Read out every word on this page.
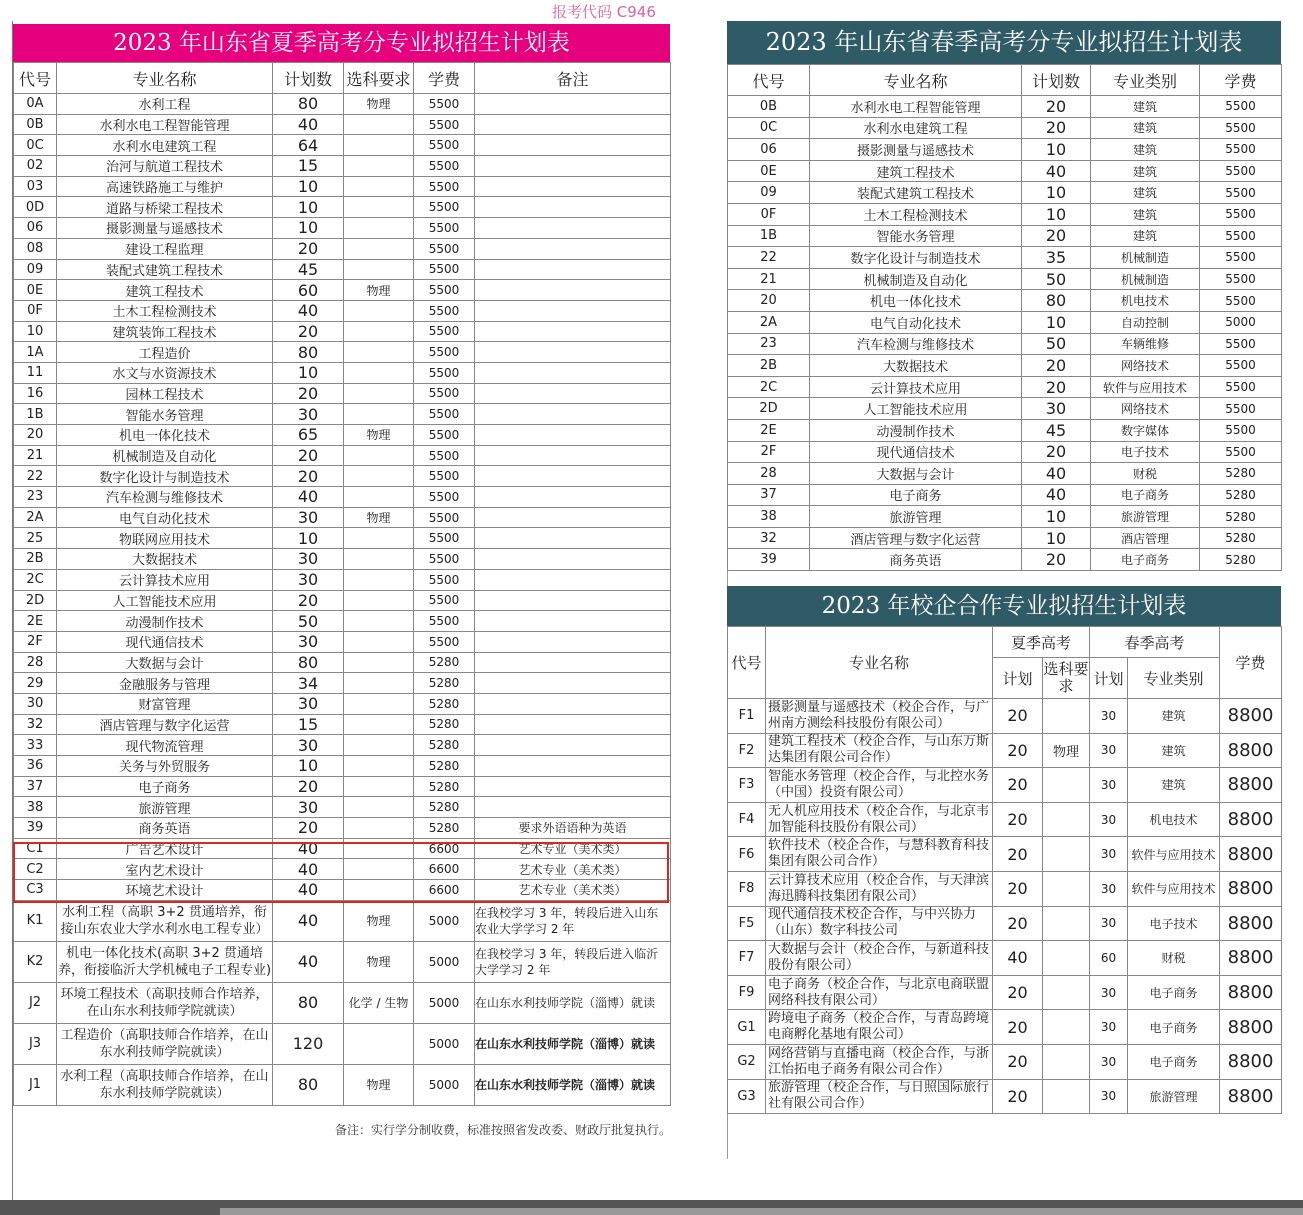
报考代码 C946
2023 年山东省夏季高考分专业拟招生计划表
代号	专业名称	计划数	选科要求	学费	备注
0A	水利工程	80	物理	5500	
0B	水利水电工程智能管理	40		5500	
0C	水利水电建筑工程	64		5500	
02	治河与航道工程技术	15		5500	
03	高速铁路施工与维护	10		5500	
0D	道路与桥梁工程技术	10		5500	
06	摄影测量与遥感技术	10		5500	
08	建设工程监理	20		5500	
09	装配式建筑工程技术	45		5500	
0E	建筑工程技术	60	物理	5500	
0F	土木工程检测技术	40		5500	
10	建筑装饰工程技术	20		5500	
1A	工程造价	80		5500	
11	水文与水资源技术	10		5500	
16	园林工程技术	20		5500	
1B	智能水务管理	30		5500	
20	机电一体化技术	65	物理	5500	
21	机械制造及自动化	20		5500	
22	数字化设计与制造技术	20		5500	
23	汽车检测与维修技术	40		5500	
2A	电气自动化技术	30	物理	5500	
25	物联网应用技术	10		5500	
2B	大数据技术	30		5500	
2C	云计算技术应用	30		5500	
2D	人工智能技术应用	20		5500	
2E	动漫制作技术	50		5500	
2F	现代通信技术	30		5500	
28	大数据与会计	80		5280	
29	金融服务与管理	34		5280	
30	财富管理	30		5280	
32	酒店管理与数字化运营	15		5280	
33	现代物流管理	30		5280	
36	关务与外贸服务	10		5280	
37	电子商务	20		5280	
38	旅游管理	30		5280	
39	商务英语	20		5280	要求外语语种为英语
C1	广告艺术设计	40		6600	艺术专业（美术类）
C2	室内艺术设计	40		6600	艺术专业（美术类）
C3	环境艺术设计	40		6600	艺术专业（美术类）
K1	水利工程（高职 3+2 贯通培养，衔接山东农业大学水利水电工程专业）	40	物理	5000	在我校学习 3 年，转段后进入山东农业大学学习 2 年
K2	机电一体化技术(高职 3+2 贯通培养，衔接临沂大学机械电子工程专业)	40	物理	5000	在我校学习 3 年，转段后进入临沂大学学习 2 年
J2	环境工程技术（高职技师合作培养，在山东水利技师学院就读）	80	化学 / 生物	5000	在山东水利技师学院（淄博）就读
J3	工程造价（高职技师合作培养，在山东水利技师学院就读）	120		5000	在山东水利技师学院（淄博）就读
J1	水利工程（高职技师合作培养，在山东水利技师学院就读）	80	物理	5000	在山东水利技师学院（淄博）就读
备注：实行学分制收费，标准按照省发改委、财政厅批复执行。
2023 年山东省春季高考分专业拟招生计划表
代号	专业名称	计划数	专业类别	学费
0B	水利水电工程智能管理	20	建筑	5500
0C	水利水电建筑工程	20	建筑	5500
06	摄影测量与遥感技术	10	建筑	5500
0E	建筑工程技术	40	建筑	5500
09	装配式建筑工程技术	10	建筑	5500
0F	土木工程检测技术	10	建筑	5500
1B	智能水务管理	20	建筑	5500
22	数字化设计与制造技术	35	机械制造	5500
21	机械制造及自动化	50	机械制造	5500
20	机电一体化技术	80	机电技术	5500
2A	电气自动化技术	10	自动控制	5000
23	汽车检测与维修技术	50	车辆维修	5500
2B	大数据技术	20	网络技术	5500
2C	云计算技术应用	20	软件与应用技术	5500
2D	人工智能技术应用	30	网络技术	5500
2E	动漫制作技术	45	数字媒体	5500
2F	现代通信技术	20	电子技术	5500
28	大数据与会计	40	财税	5280
37	电子商务	40	电子商务	5280
38	旅游管理	10	旅游管理	5280
32	酒店管理与数字化运营	10	酒店管理	5280
39	商务英语	20	电子商务	5280
2023 年校企合作专业拟招生计划表
代号	专业名称	夏季高考		春季高考		学费
		计划	选科要求	计划	专业类别	
F1	摄影测量与遥感技术（校企合作，与广州南方测绘科技股份有限公司）	20		30	建筑	8800
F2	建筑工程技术（校企合作，与山东万斯达集团有限公司合作）	20	物理	30	建筑	8800
F3	智能水务管理（校企合作，与北控水务（中国）投资有限公司）	20		30	建筑	8800
F4	无人机应用技术（校企合作，与北京韦加智能科技股份有限公司）	20		30	机电技术	8800
F6	软件技术（校企合作，与慧科教育科技集团有限公司合作）	20		30	软件与应用技术	8800
F8	云计算技术应用（校企合作，与天津滨海迅腾科技集团有限公司）	20		30	软件与应用技术	8800
F5	现代通信技术校企合作，与中兴协力（山东）数字科技公司	20		30	电子技术	8800
F7	大数据与会计（校企合作，与新道科技股份有限公司）	40		60	财税	8800
F9	电子商务（校企合作，与北京电商联盟网络科技有限公司）	20		30	电子商务	8800
G1	跨境电子商务（校企合作，与青岛跨境电商孵化基地有限公司）	20		30	电子商务	8800
G2	网络营销与直播电商（校企合作，与浙江怡拓电子商务有限公司合作）	20		30	电子商务	8800
G3	旅游管理（校企合作，与日照国际旅行社有限公司合作）	20		30	旅游管理	8800
